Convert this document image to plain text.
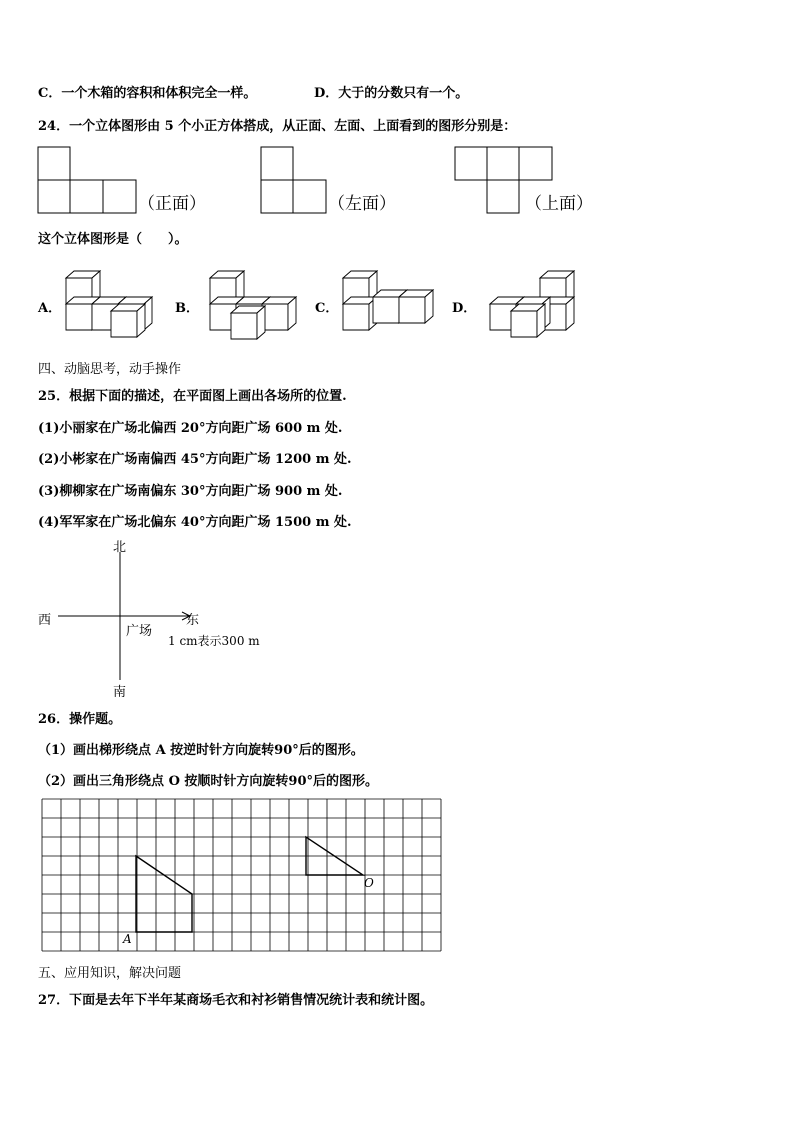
C．一个木箱的容积和体积完全一样。	D．大于的分数只有一个。
24．一个立体图形由 5 个小正方体搭成，从正面、左面、上面看到的图形分别是：
（正面）	（左面）	（上面）
这个立体图形是（　　）。
A．	B．	C．	D．
四、动脑思考，动手操作
25．根据下面的描述，在平面图上画出各场所的位置.
(1)小丽家在广场北偏西 20°方向距广场 600 m 处.
(2)小彬家在广场南偏西 45°方向距广场 1200 m 处.
(3)柳柳家在广场南偏东 30°方向距广场 900 m 处.
(4)军军家在广场北偏东 40°方向距广场 1500 m 处.
北
南
西	东
广场
1 cm表示300 m
26．操作题。
（1）画出梯形绕点 A 按逆时针方向旋转90°后的图形。
（2）画出三角形绕点 O 按顺时针方向旋转90°后的图形。
A
O
五、应用知识，解决问题
27．下面是去年下半年某商场毛衣和衬衫销售情况统计表和统计图。
